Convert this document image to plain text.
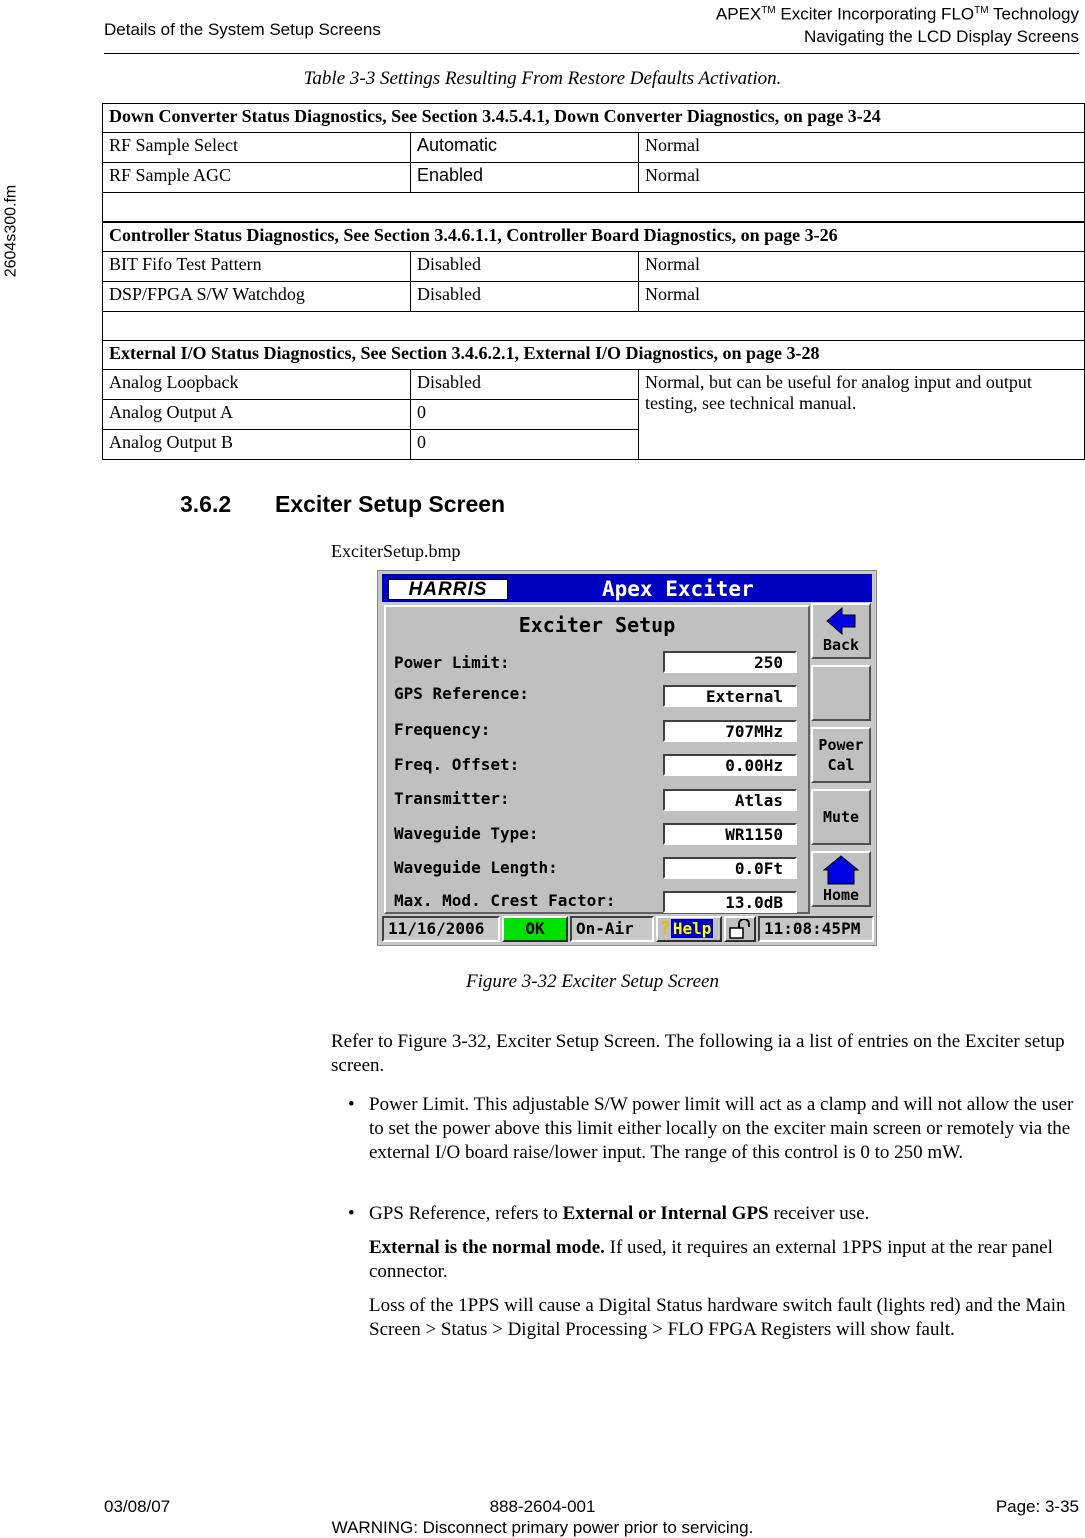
Details of the System Setup Screens
APEX™ Exciter Incorporating FLO™ Technology
Navigating the LCD Display Screens
2604s300.fm
Table 3-3 Settings Resulting From Restore Defaults Activation.
Down Converter Status Diagnostics, See Section 3.4.5.4.1, Down Converter Diagnostics, on page 3-24		
RF Sample Select	Automatic	Normal
RF Sample AGC	Enabled	Normal

Controller Status Diagnostics, See Section 3.4.6.1.1, Controller Board Diagnostics, on page 3-26		
BIT Fifo Test Pattern	Disabled	Normal
DSP/FPGA S/W Watchdog	Disabled	Normal

External I/O Status Diagnostics, See Section 3.4.6.2.1, External I/O Diagnostics, on page 3-28		
Analog Loopback	Disabled	Normal, but can be useful for analog input and output testing, see technical manual.
Analog Output A	0	
Analog Output B	0	
3.6.2 Exciter Setup Screen
ExciterSetup.bmp
HARRIS	Apex Exciter
Exciter Setup
Power Limit:	250
GPS Reference:	External
Frequency:	707MHz
Freq. Offset:	0.00Hz
Transmitter:	Atlas
Waveguide Type:	WR1150
Waveguide Length:	0.0Ft
Max. Mod. Crest Factor:	13.0dB
Back
Power
Cal
Mute
Home
11/16/2006	OK	On-Air	? Help	11:08:45PM
Figure 3-32 Exciter Setup Screen
Refer to Figure 3-32, Exciter Setup Screen. The following ia a list of entries on the Exciter setup screen.
• Power Limit. This adjustable S/W power limit will act as a clamp and will not allow the user to set the power above this limit either locally on the exciter main screen or remotely via the external I/O board raise/lower input. The range of this control is 0 to 250 mW.
• GPS Reference, refers to External or Internal GPS receiver use.
External is the normal mode. If used, it requires an external 1PPS input at the rear panel connector.
Loss of the 1PPS will cause a Digital Status hardware switch fault (lights red) and the Main Screen > Status > Digital Processing > FLO FPGA Registers will show fault.
03/08/07	888-2604-001	Page: 3-35
WARNING: Disconnect primary power prior to servicing.
